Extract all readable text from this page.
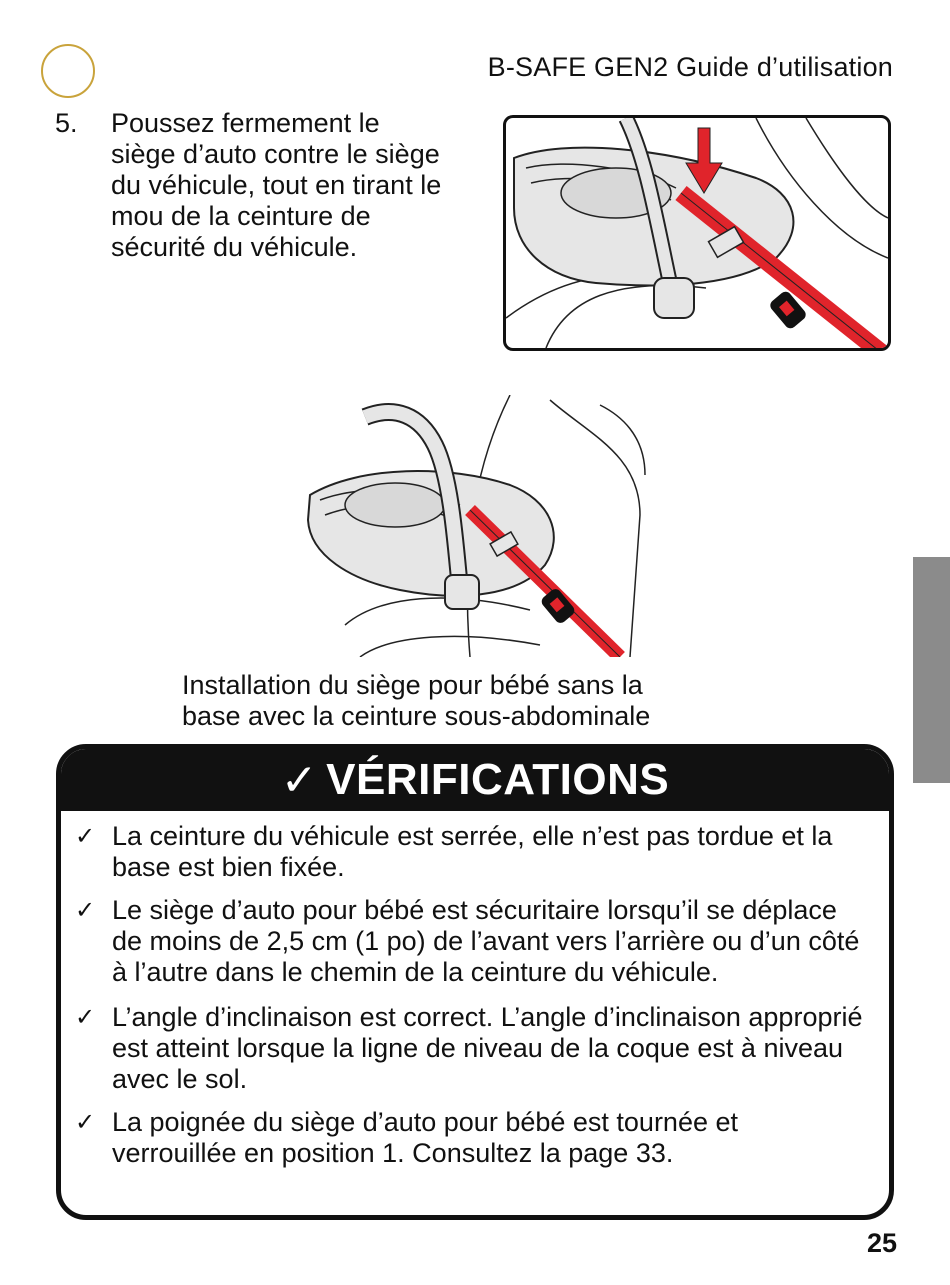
B-SAFE GEN2 Guide d’utilisation
5. Poussez fermement le siège d’auto contre le siège du véhicule, tout en tirant le mou de la ceinture de sécurité du véhicule.
Installation du siège pour bébé sans la
base avec la ceinture sous-abdominale
✓ VÉRIFICATIONS
✓ La ceinture du véhicule est serrée, elle n’est pas tordue et la base est bien fixée.
✓ Le siège d’auto pour bébé est sécuritaire lorsqu’il se déplace de moins de 2,5 cm (1 po) de l’avant vers l’arrière ou d’un côté à l’autre dans le chemin de la ceinture du véhicule.
✓ L’angle d’inclinaison est correct. L’angle d’inclinaison approprié est atteint lorsque la ligne de niveau de la coque est à niveau avec le sol.
✓ La poignée du siège d’auto pour bébé est tournée et verrouillée en position 1. Consultez la page 33.
25
